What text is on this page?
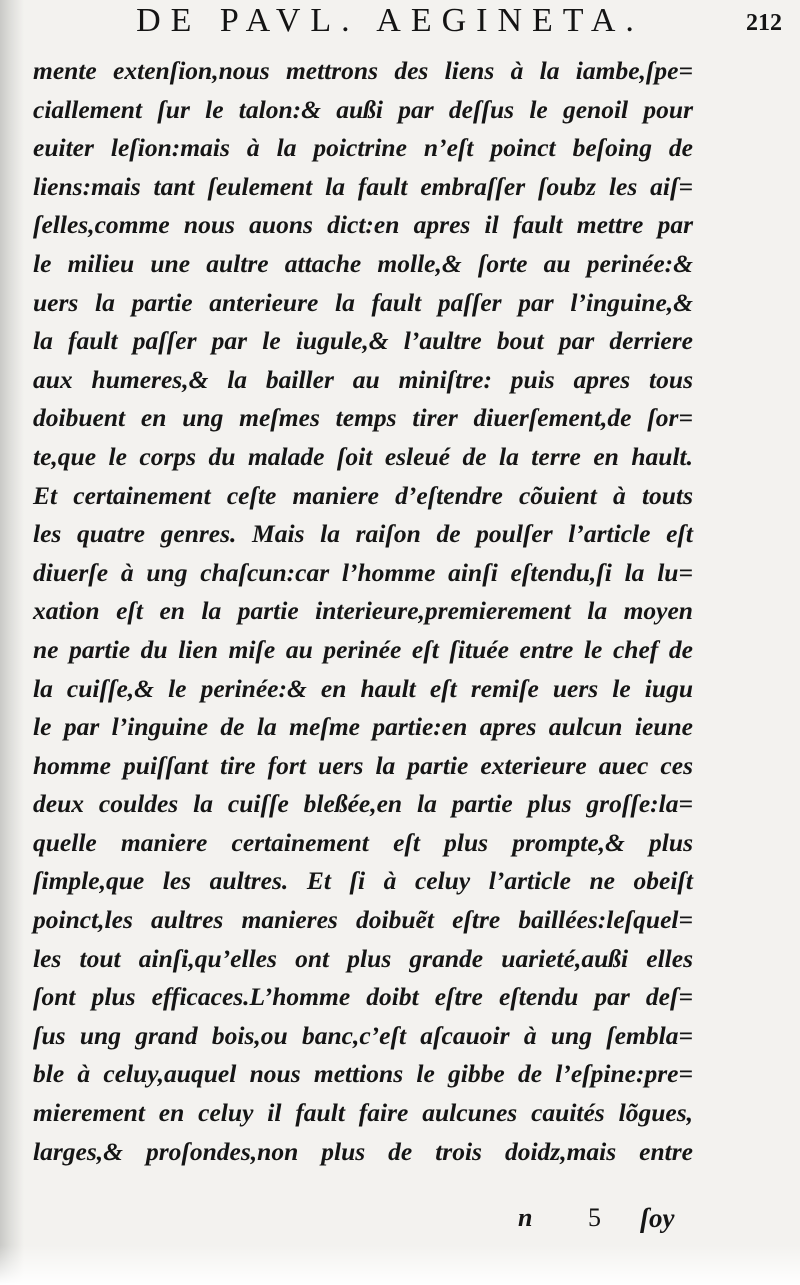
DE PAVL. AEGINETA.	212
mente extenſion,nous mettrons des liens à la iambe,ſpe=
ciallement ſur le talon:& außi par deſſus le genoil pour
euiter leſion:mais à la poictrine n’eſt poinct beſoing de
liens:mais tant ſeulement la fault embraſſer ſoubz les aiſ=
ſelles,comme nous auons dict:en apres il fault mettre par
le milieu une aultre attache molle,& ſorte au perinée:&
uers la partie anterieure la fault paſſer par l’inguine,&
la fault paſſer par le iugule,& l’aultre bout par derriere
aux humeres,& la bailler au miniſtre: puis apres tous
doibuent en ung meſmes temps tirer diuerſement,de ſor=
te,que le corps du malade ſoit esleué de la terre en hault.
Et certainement ceſte maniere d’eſtendre cõuient à touts
les quatre genres. Mais la raiſon de poulſer l’article eſt
diuerſe à ung chaſcun:car l’homme ainſi eſtendu,ſi la lu=
xation eſt en la partie interieure,premierement la moyen
ne partie du lien miſe au perinée eſt ſituée entre le chef de
la cuiſſe,& le perinée:& en hault eſt remiſe uers le iugu
le par l’inguine de la meſme partie:en apres aulcun ieune
homme puiſſant tire fort uers la partie exterieure auec ces
deux couldes la cuiſſe bleßée,en la partie plus groſſe:la=
quelle maniere certainement eſt plus prompte,& plus
ſimple,que les aultres. Et ſi à celuy l’article ne obeiſt
poinct,les aultres manieres doibuẽt eſtre baillées:leſquel=
les tout ainſi,qu’elles ont plus grande uarieté,außi elles
ſont plus efficaces.L’homme doibt eſtre eſtendu par deſ=
ſus ung grand bois,ou banc,c’eſt aſcauoir à ung ſembla=
ble à celuy,auquel nous mettions le gibbe de l’eſpine:pre=
mierement en celuy il fault faire aulcunes cauités lõgues,
larges,& proſondes,non plus de trois doidz,mais entre
n 5 ſoy
